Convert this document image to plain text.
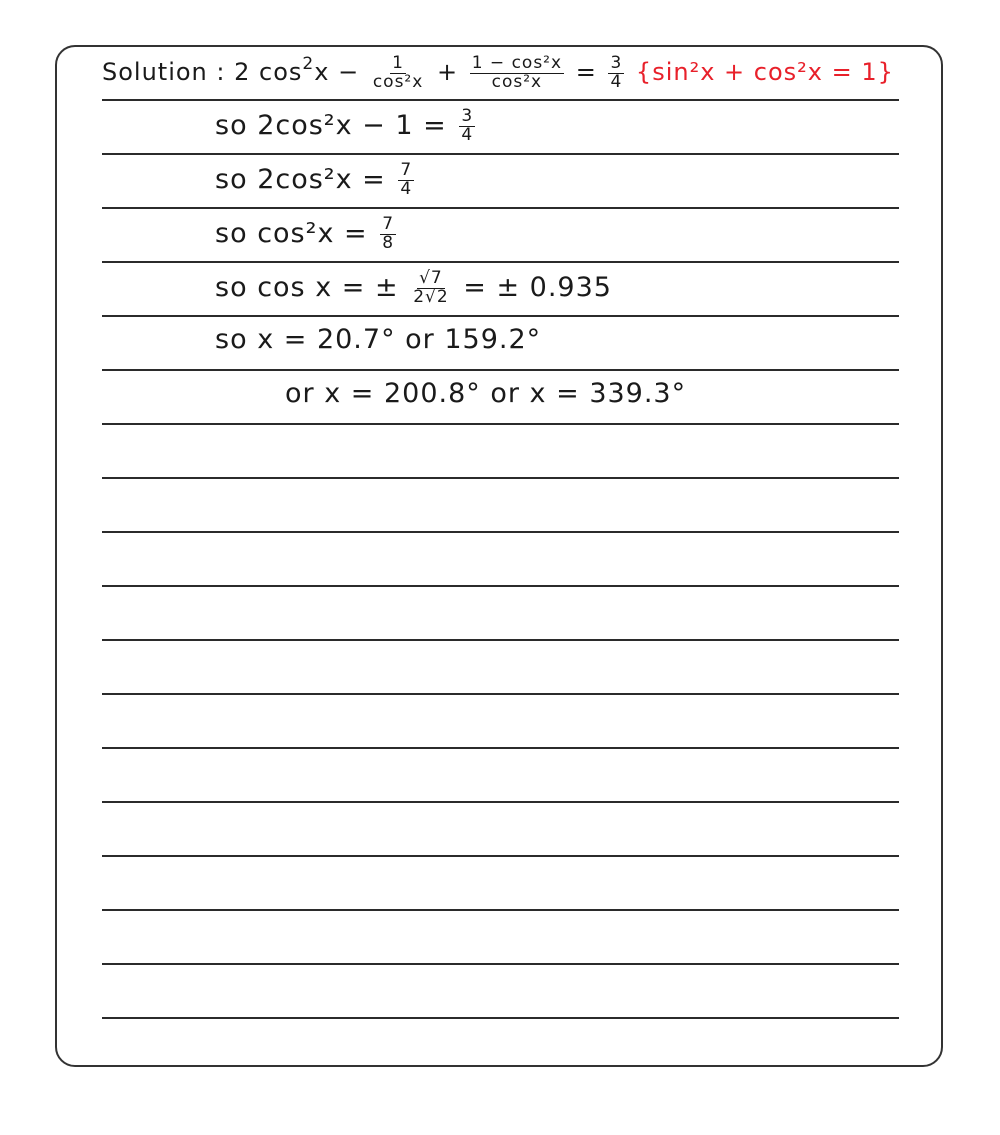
Solution : 2 $\cos^2x - \frac{1}{\text{cos²x}} + \frac{\text{1 − cos²x}}{\text{cos²x}} = \frac{3}{4} \{\sin^2x + \cos^2x = 1\}$
so $2\cos^2x - 1 = \frac{3}{4}$
so $2\cos^2x = \frac{7}{4}$
so $\cos^2x = \frac{7}{8}$
so cos x = ± $\frac{√7}{2√2}$ = ± 0.935
so x = 20.7° or 159.2°
or x = 200.8° or x = 339.3°
